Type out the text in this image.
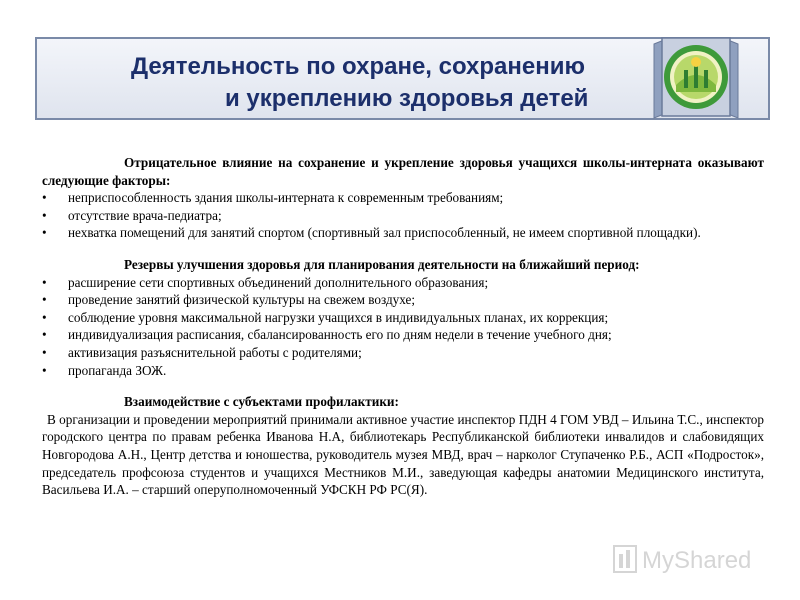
Деятельность по охране, сохранению
и укреплению здоровья детей

Отрицательное влияние на сохранение и укрепление здоровья учащихся школы-интерната оказывают следующие факторы:

• неприспособленность здания школы-интерната к современным требованиям;
• отсутствие врача-педиатра;
• нехватка помещений для занятий спортом (спортивный зал приспособленный, не имеем спортивной площадки).

Резервы улучшения здоровья для планирования деятельности на ближайший период:

• расширение сети спортивных объединений дополнительного образования;
• проведение занятий физической культуры на свежем воздухе;
• соблюдение уровня максимальной нагрузки учащихся в индивидуальных планах, их коррекция;
• индивидуализация расписания, сбалансированность его по дням недели в течение учебного дня;
• активизация разъяснительной работы с родителями;
• пропаганда ЗОЖ.

Взаимодействие с субъектами профилактики:

В организации и проведении мероприятий принимали активное участие инспектор ПДН 4 ГОМ УВД – Ильина Т.С., инспектор городского центра по правам ребенка Иванова Н.А, библиотекарь Республиканской библиотеки инвалидов и слабовидящих Новгородова А.Н., Центр детства и юношества, руководитель музея МВД, врач – нарколог Ступаченко Р.Б., АСП «Подросток», председатель профсоюза студентов и учащихся Местников М.И., заведующая кафедры анатомии Медицинского института, Васильева И.А. – старший оперуполномоченный УФСКН РФ РС(Я).

MyShared
